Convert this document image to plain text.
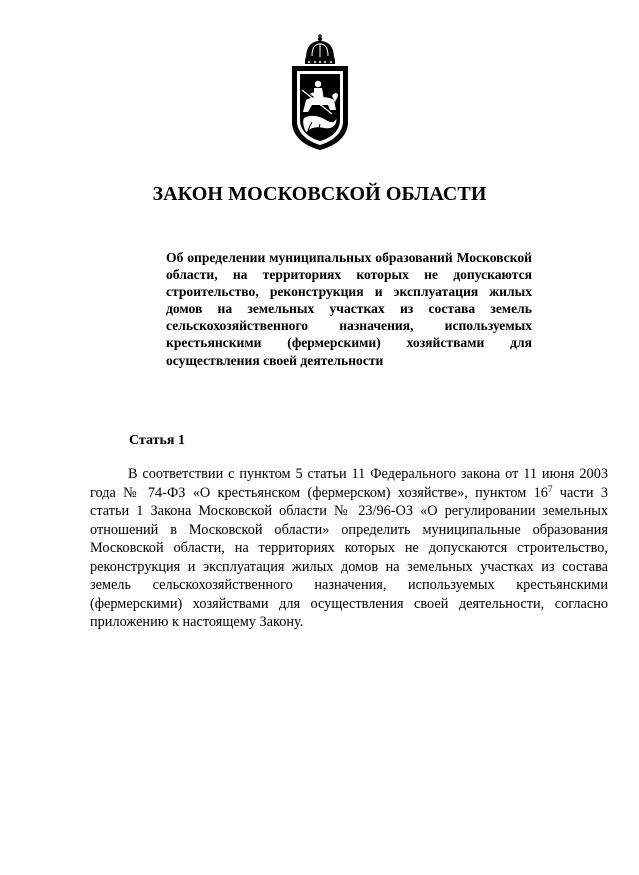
ЗАКОН МОСКОВСКОЙ ОБЛАСТИ

Об определении муниципальных образований Московской области, на территориях которых не допускаются строительство, реконструкция и эксплуатация жилых домов на земельных участках из состава земель сельскохозяйственного назначения, используемых крестьянскими (фермерскими) хозяйствами для осуществления своей деятельности

Статья 1

В соответствии с пунктом 5 статьи 11 Федерального закона от 11 июня 2003 года № 74-ФЗ «О крестьянском (фермерском) хозяйстве», пунктом $16^7$ части 3 статьи 1 Закона Московской области № 23/96-ОЗ «О регулировании земельных отношений в Московской области» определить муниципальные образования Московской области, на территориях которых не допускаются строительство, реконструкция и эксплуатация жилых домов на земельных участках из состава земель сельскохозяйственного назначения, используемых крестьянскими (фермерскими) хозяйствами для осуществления своей деятельности, согласно приложению к настоящему Закону.
